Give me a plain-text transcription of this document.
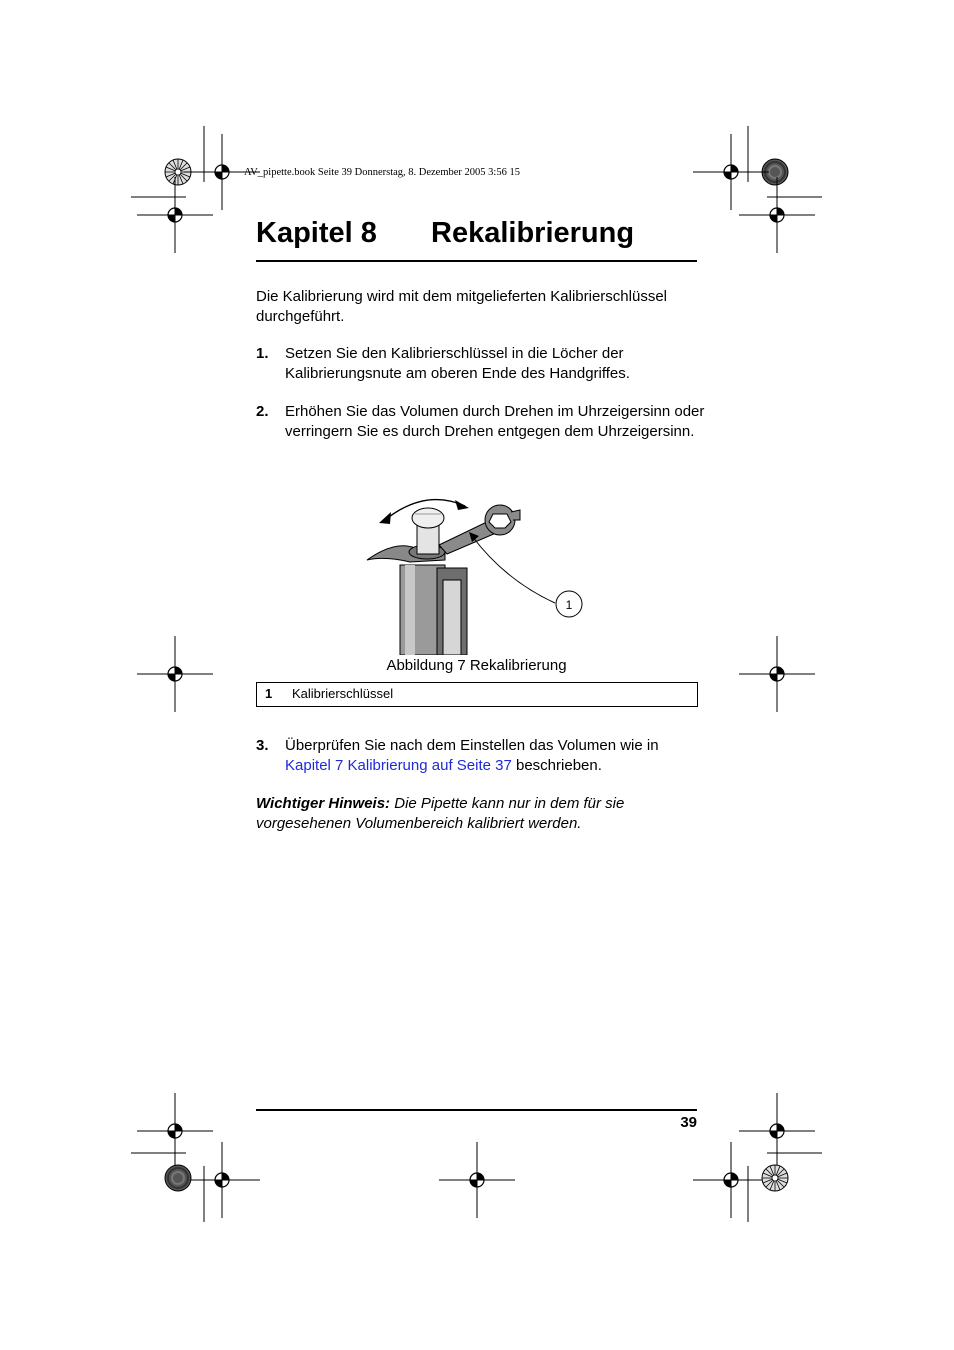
AV_pipette.book Seite 39 Donnerstag, 8. Dezember 2005 3:56 15
Kapitel 8 Rekalibrierung
Die Kalibrierung wird mit dem mitgelieferten Kalibrierschlüssel durchgeführt.
1. Setzen Sie den Kalibrierschlüssel in die Löcher der Kalibrierungsnute am oberen Ende des Handgriffes.
2. Erhöhen Sie das Volumen durch Drehen im Uhrzeigersinn oder verringern Sie es durch Drehen entgegen dem Uhrzeigersinn.
1
Abbildung 7 Rekalibrierung
1 Kalibrierschlüssel
3. Überprüfen Sie nach dem Einstellen das Volumen wie in
Kapitel 7 Kalibrierung auf Seite 37 beschrieben.
Wichtiger Hinweis: Die Pipette kann nur in dem für sie vorgesehenen Volumenbereich kalibriert werden.
39
